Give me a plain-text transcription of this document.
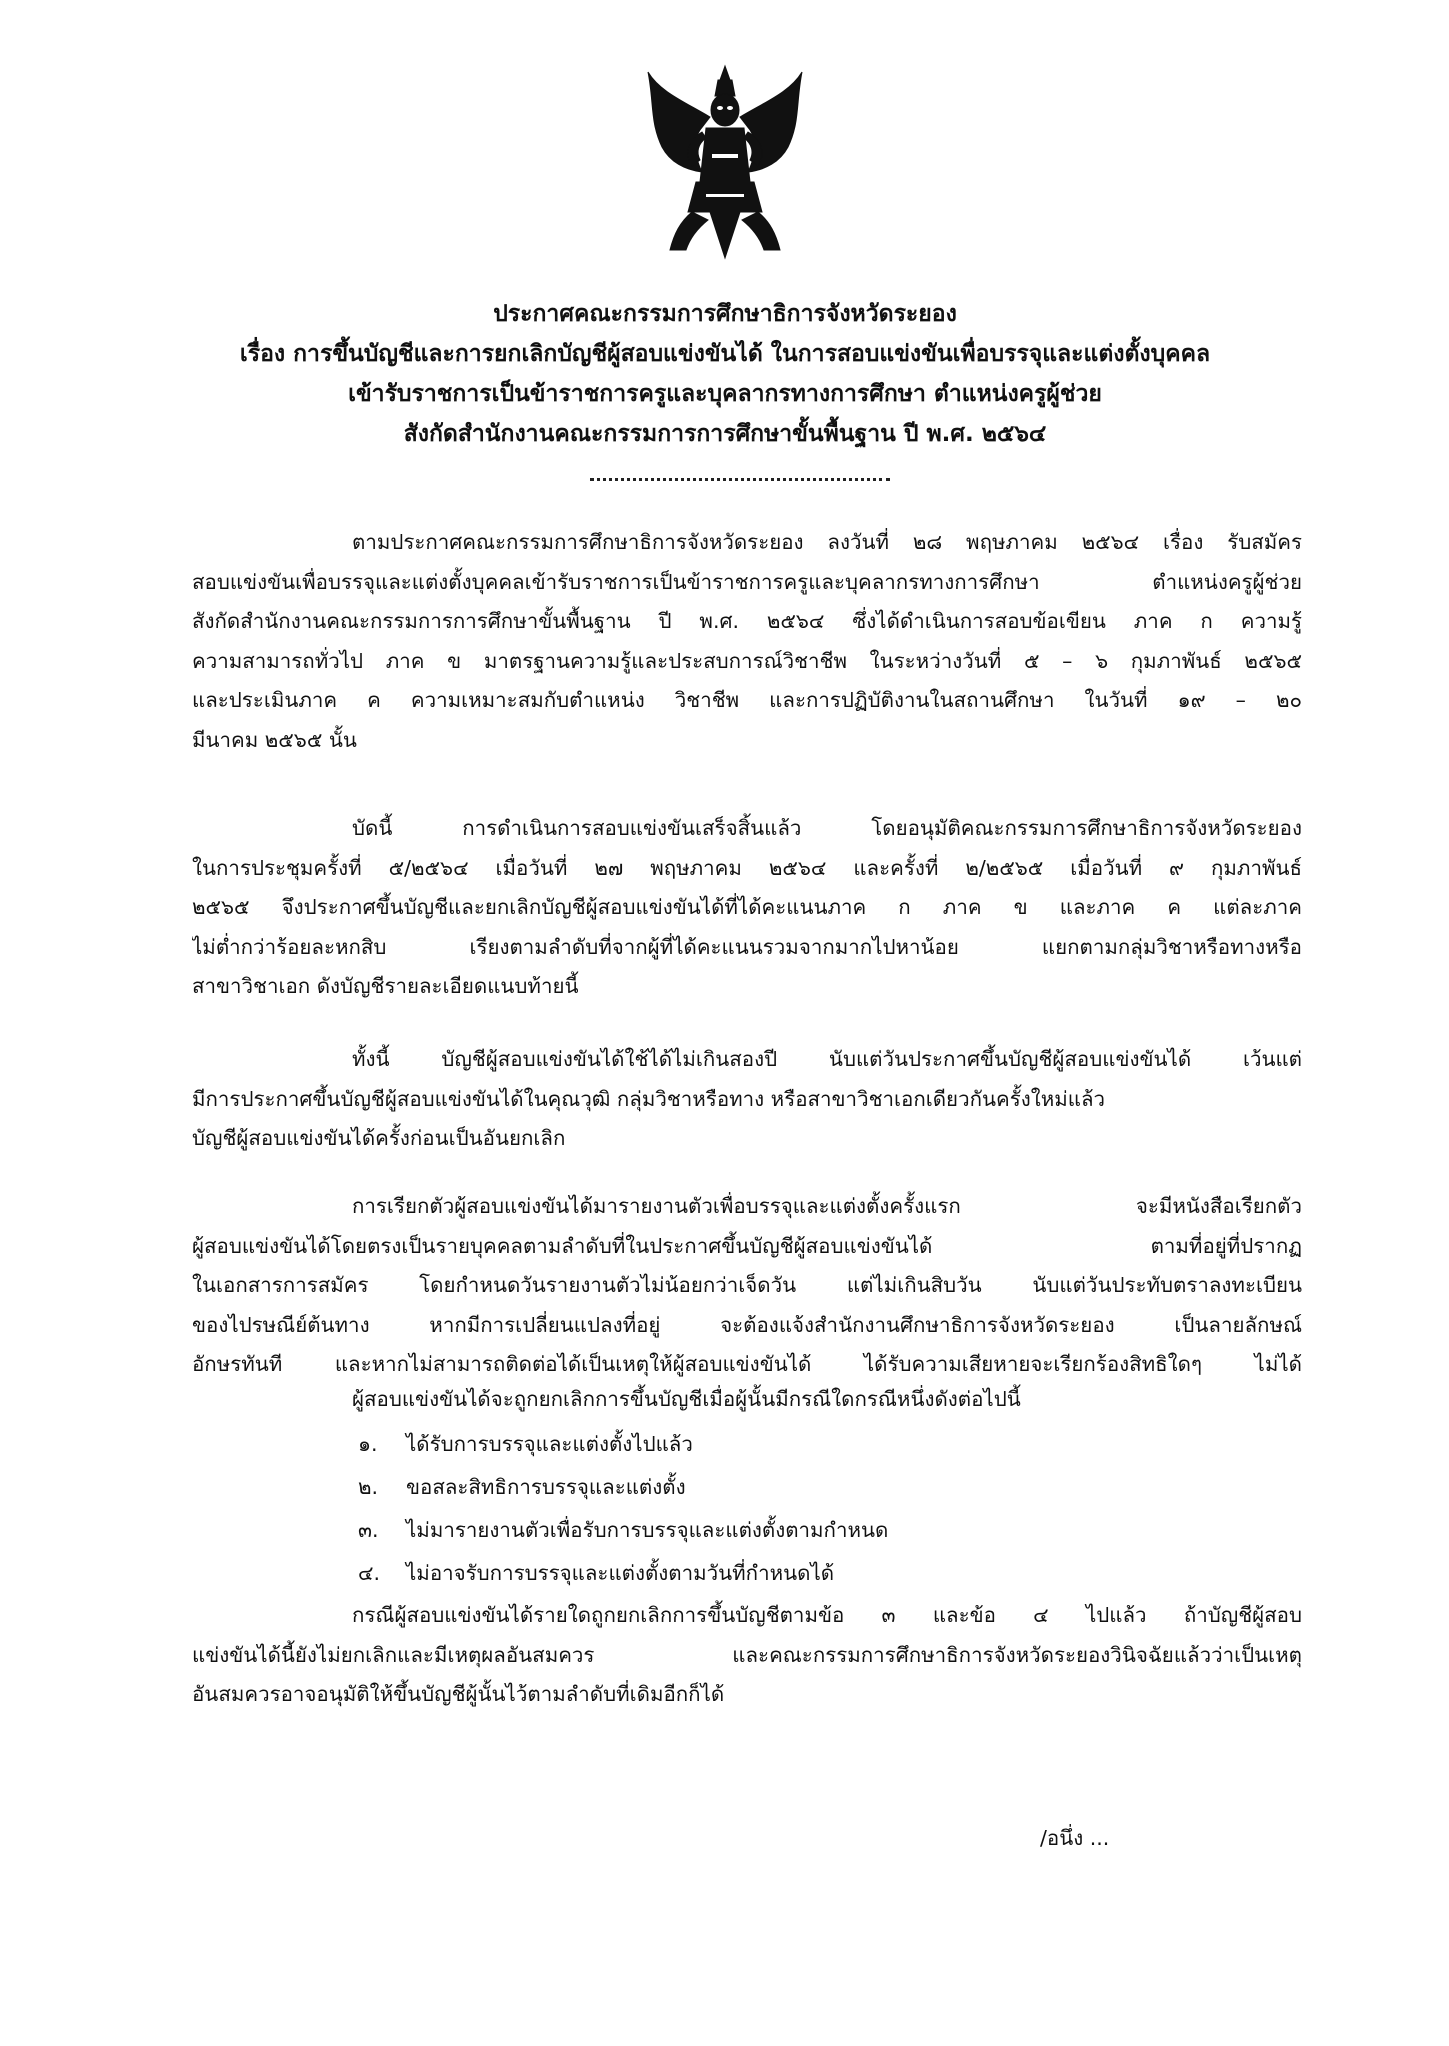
ประกาศคณะกรรมการศึกษาธิการจังหวัดระยอง
เรื่อง การขึ้นบัญชีและการยกเลิกบัญชีผู้สอบแข่งขันได้ ในการสอบแข่งขันเพื่อบรรจุและแต่งตั้งบุคคล
เข้ารับราชการเป็นข้าราชการครูและบุคลากรทางการศึกษา ตำแหน่งครูผู้ช่วย
สังกัดสำนักงานคณะกรรมการการศึกษาขั้นพื้นฐาน ปี พ.ศ. ๒๕๖๔
ตามประกาศคณะกรรมการศึกษาธิการจังหวัดระยอง ลงวันที่ ๒๘ พฤษภาคม ๒๕๖๔ เรื่อง รับสมัคร
สอบแข่งขันเพื่อบรรจุและแต่งตั้งบุคคลเข้ารับราชการเป็นข้าราชการครูและบุคลากรทางการศึกษา ตำแหน่งครูผู้ช่วย
สังกัดสำนักงานคณะกรรมการการศึกษาขั้นพื้นฐาน ปี พ.ศ. ๒๕๖๔ ซึ่งได้ดำเนินการสอบข้อเขียน ภาค ก ความรู้
ความสามารถทั่วไป ภาค ข มาตรฐานความรู้และประสบการณ์วิชาชีพ ในระหว่างวันที่ ๕ – ๖ กุมภาพันธ์ ๒๕๖๕
และประเมินภาค ค ความเหมาะสมกับตำแหน่ง วิชาชีพ และการปฏิบัติงานในสถานศึกษา ในวันที่ ๑๙ – ๒๐
มีนาคม ๒๕๖๕ นั้น
บัดนี้ การดำเนินการสอบแข่งขันเสร็จสิ้นแล้ว โดยอนุมัติคณะกรรมการศึกษาธิการจังหวัดระยอง
ในการประชุมครั้งที่ ๕/๒๕๖๔ เมื่อวันที่ ๒๗ พฤษภาคม ๒๕๖๔ และครั้งที่ ๒/๒๕๖๕ เมื่อวันที่ ๙ กุมภาพันธ์
๒๕๖๕ จึงประกาศขึ้นบัญชีและยกเลิกบัญชีผู้สอบแข่งขันได้ที่ได้คะแนนภาค ก ภาค ข และภาค ค แต่ละภาค
ไม่ต่ำกว่าร้อยละหกสิบ เรียงตามลำดับที่จากผู้ที่ได้คะแนนรวมจากมากไปหาน้อย แยกตามกลุ่มวิชาหรือทางหรือ
สาขาวิชาเอก ดังบัญชีรายละเอียดแนบท้ายนี้
ทั้งนี้ บัญชีผู้สอบแข่งขันได้ใช้ได้ไม่เกินสองปี นับแต่วันประกาศขึ้นบัญชีผู้สอบแข่งขันได้ เว้นแต่
มีการประกาศขึ้นบัญชีผู้สอบแข่งขันได้ในคุณวุฒิ กลุ่มวิชาหรือทาง หรือสาขาวิชาเอกเดียวกันครั้งใหม่แล้ว
บัญชีผู้สอบแข่งขันได้ครั้งก่อนเป็นอันยกเลิก
การเรียกตัวผู้สอบแข่งขันได้มารายงานตัวเพื่อบรรจุและแต่งตั้งครั้งแรก จะมีหนังสือเรียกตัว
ผู้สอบแข่งขันได้โดยตรงเป็นรายบุคคลตามลำดับที่ในประกาศขึ้นบัญชีผู้สอบแข่งขันได้ ตามที่อยู่ที่ปรากฏ
ในเอกสารการสมัคร โดยกำหนดวันรายงานตัวไม่น้อยกว่าเจ็ดวัน แต่ไม่เกินสิบวัน นับแต่วันประทับตราลงทะเบียน
ของไปรษณีย์ต้นทาง หากมีการเปลี่ยนแปลงที่อยู่ จะต้องแจ้งสำนักงานศึกษาธิการจังหวัดระยอง เป็นลายลักษณ์
อักษรทันที และหากไม่สามารถติดต่อได้เป็นเหตุให้ผู้สอบแข่งขันได้ ได้รับความเสียหายจะเรียกร้องสิทธิใดๆ ไม่ได้
ผู้สอบแข่งขันได้จะถูกยกเลิกการขึ้นบัญชีเมื่อผู้นั้นมีกรณีใดกรณีหนึ่งดังต่อไปนี้
๑. ได้รับการบรรจุและแต่งตั้งไปแล้ว
๒. ขอสละสิทธิการบรรจุและแต่งตั้ง
๓. ไม่มารายงานตัวเพื่อรับการบรรจุและแต่งตั้งตามกำหนด
๔. ไม่อาจรับการบรรจุและแต่งตั้งตามวันที่กำหนดได้
กรณีผู้สอบแข่งขันได้รายใดถูกยกเลิกการขึ้นบัญชีตามข้อ ๓ และข้อ ๔ ไปแล้ว ถ้าบัญชีผู้สอบ
แข่งขันได้นี้ยังไม่ยกเลิกและมีเหตุผลอันสมควร และคณะกรรมการศึกษาธิการจังหวัดระยองวินิจฉัยแล้วว่าเป็นเหตุ
อันสมควรอาจอนุมัติให้ขึ้นบัญชีผู้นั้นไว้ตามลำดับที่เดิมอีกก็ได้
/อนึ่ง ...
